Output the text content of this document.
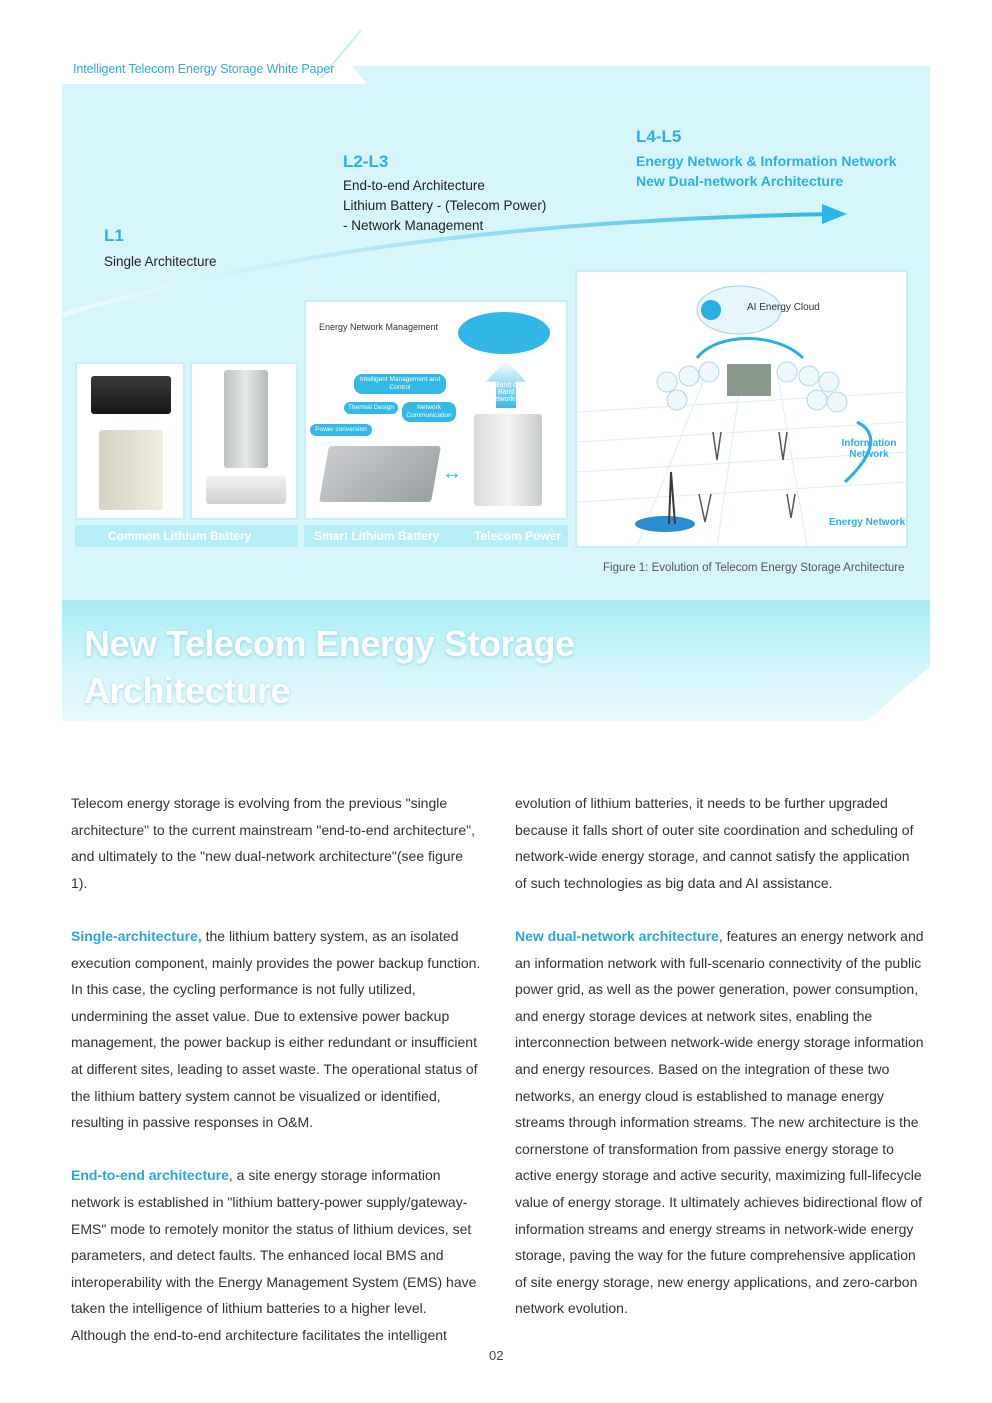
Intelligent Telecom Energy Storage White Paper
L1
Single Architecture
L2-L3
End-to-end Architecture
Lithium Battery - (Telecom Power)
- Network Management
L4-L5
Energy Network & Information Network
New Dual-network Architecture
Common Lithium Battery
Energy Network Management
In-Band out-Band Networking
Intelligent Management and Control
Thermal Design	Network Communication
Power conversion
↔
Smart Lithium Battery	Telecom Power
AI Energy Cloud
Information Network
Energy Network
Figure 1: Evolution of Telecom Energy Storage Architecture
New Telecom Energy Storage Architecture

Telecom energy storage is evolving from the previous "single architecture" to the current mainstream "end-to-end architecture", and ultimately to the "new dual-network architecture"(see figure 1).

Single-architecture, the lithium battery system, as an isolated execution component, mainly provides the power backup function. In this case, the cycling performance is not fully utilized, undermining the asset value. Due to extensive power backup management, the power backup is either redundant or insufficient at different sites, leading to asset waste. The operational status of the lithium battery system cannot be visualized or identified, resulting in passive responses in O&M.

End-to-end architecture, a site energy storage information network is established in "lithium battery-power supply/gateway-EMS" mode to remotely monitor the status of lithium devices, set parameters, and detect faults. The enhanced local BMS and interoperability with the Energy Management System (EMS) have taken the intelligence of lithium batteries to a higher level. Although the end-to-end architecture facilitates the intelligent

evolution of lithium batteries, it needs to be further upgraded because it falls short of outer site coordination and scheduling of network-wide energy storage, and cannot satisfy the application of such technologies as big data and AI assistance.

New dual-network architecture, features an energy network and an information network with full-scenario connectivity of the public power grid, as well as the power generation, power consumption, and energy storage devices at network sites, enabling the interconnection between network-wide energy storage information and energy resources. Based on the integration of these two networks, an energy cloud is established to manage energy streams through information streams. The new architecture is the cornerstone of transformation from passive energy storage to active energy storage and active security, maximizing full-lifecycle value of energy storage. It ultimately achieves bidirectional flow of information streams and energy streams in network-wide energy storage, paving the way for the future comprehensive application of site energy storage, new energy applications, and zero-carbon network evolution.

02
